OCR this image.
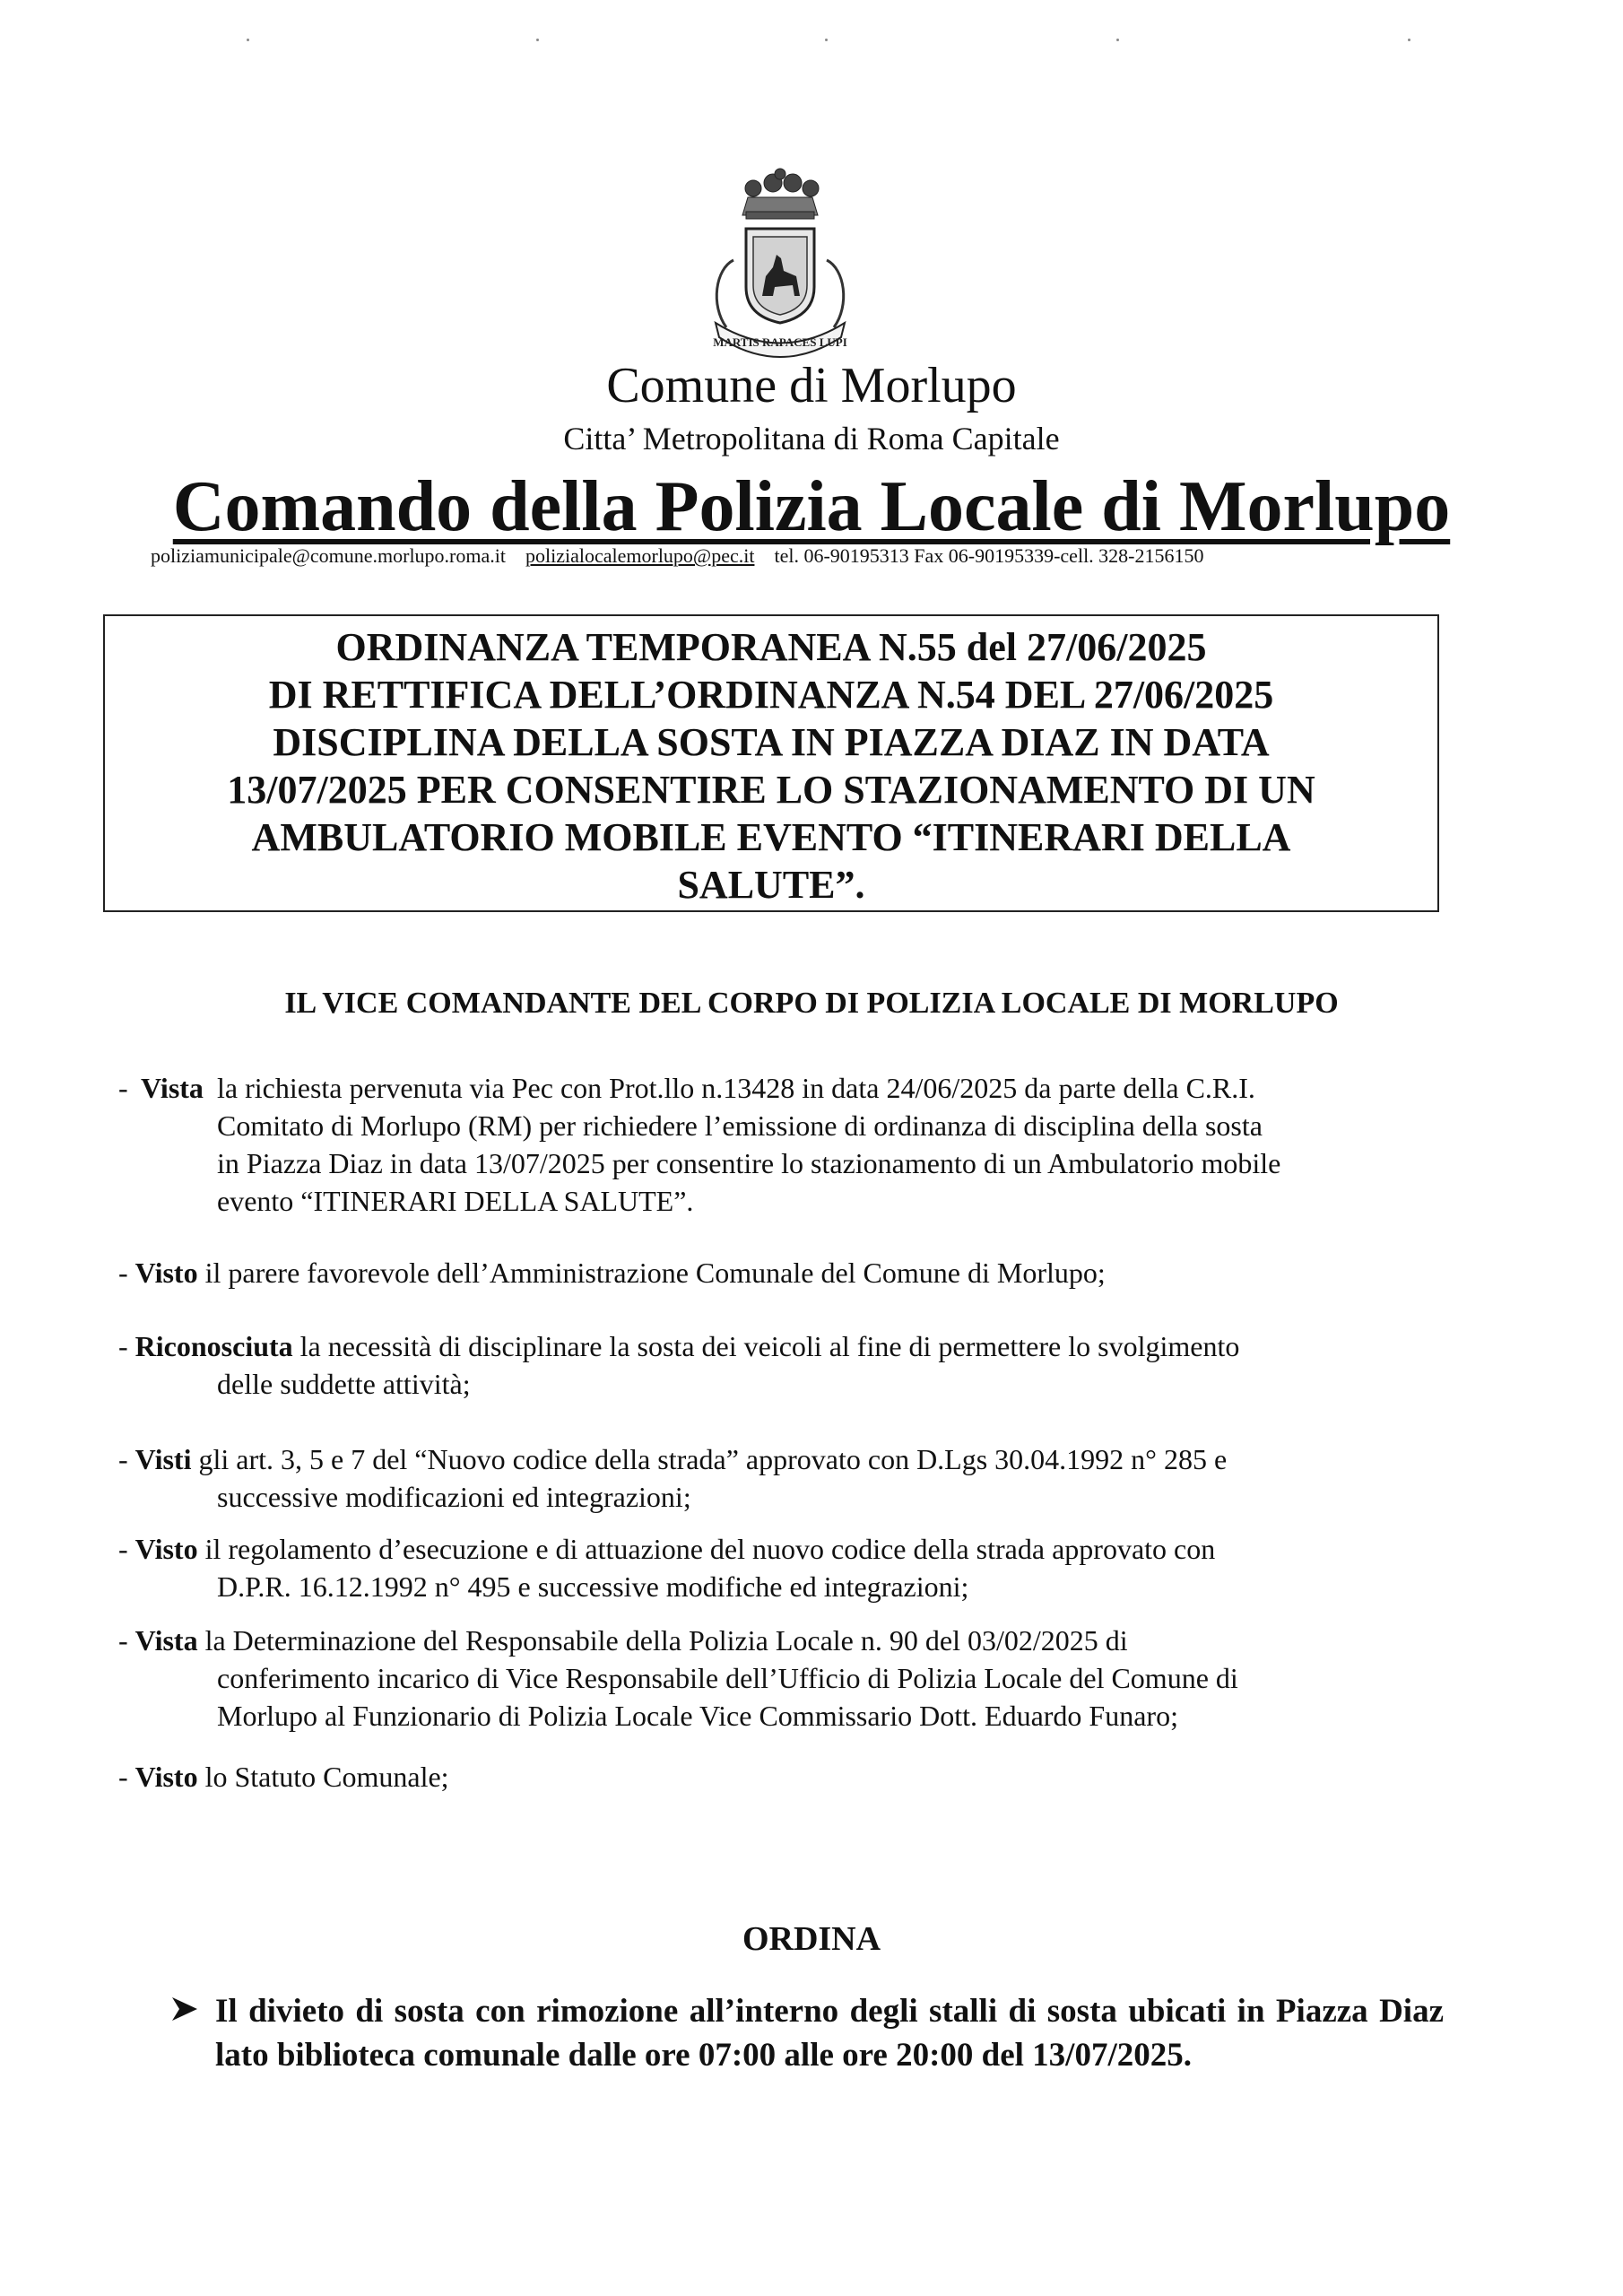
MARTIS RAPACES LUPI
Comune di Morlupo
Citta’ Metropolitana di Roma Capitale
Comando della Polizia Locale di Morlupo
poliziamunicipale@comune.morlupo.roma.it polizialocalemorlupo@pec.it tel. 06-90195313 Fax 06-90195339-cell. 328-2156150
ORDINANZA TEMPORANEA N.55 del 27/06/2025
DI RETTIFICA DELL’ORDINANZA N.54 DEL 27/06/2025
DISCIPLINA DELLA SOSTA IN PIAZZA DIAZ IN DATA
13/07/2025 PER CONSENTIRE LO STAZIONAMENTO DI UN
AMBULATORIO MOBILE EVENTO “ITINERARI DELLA
SALUTE”.
IL VICE COMANDANTE DEL CORPO DI POLIZIA LOCALE DI MORLUPO
- Vista la richiesta pervenuta via Pec con Prot.llo n.13428 in data 24/06/2025 da parte della C.R.I.
Comitato di Morlupo (RM) per richiedere l’emissione di ordinanza di disciplina della sosta
in Piazza Diaz in data 13/07/2025 per consentire lo stazionamento di un Ambulatorio mobile
evento “ITINERARI DELLA SALUTE”.
- Visto il parere favorevole dell’Amministrazione Comunale del Comune di Morlupo;
- Riconosciuta la necessità di disciplinare la sosta dei veicoli al fine di permettere lo svolgimento
delle suddette attività;
- Visti gli art. 3, 5 e 7 del “Nuovo codice della strada” approvato con D.Lgs 30.04.1992 n° 285 e
successive modificazioni ed integrazioni;
- Visto il regolamento d’esecuzione e di attuazione del nuovo codice della strada approvato con
D.P.R. 16.12.1992 n° 495 e successive modifiche ed integrazioni;
- Vista la Determinazione del Responsabile della Polizia Locale n. 90 del 03/02/2025 di
conferimento incarico di Vice Responsabile dell’Ufficio di Polizia Locale del Comune di
Morlupo al Funzionario di Polizia Locale Vice Commissario Dott. Eduardo Funaro;
- Visto lo Statuto Comunale;
ORDINA
Il divieto di sosta con rimozione all’interno degli stalli di sosta ubicati in Piazza Diaz lato biblioteca comunale dalle ore 07:00 alle ore 20:00 del 13/07/2025.
